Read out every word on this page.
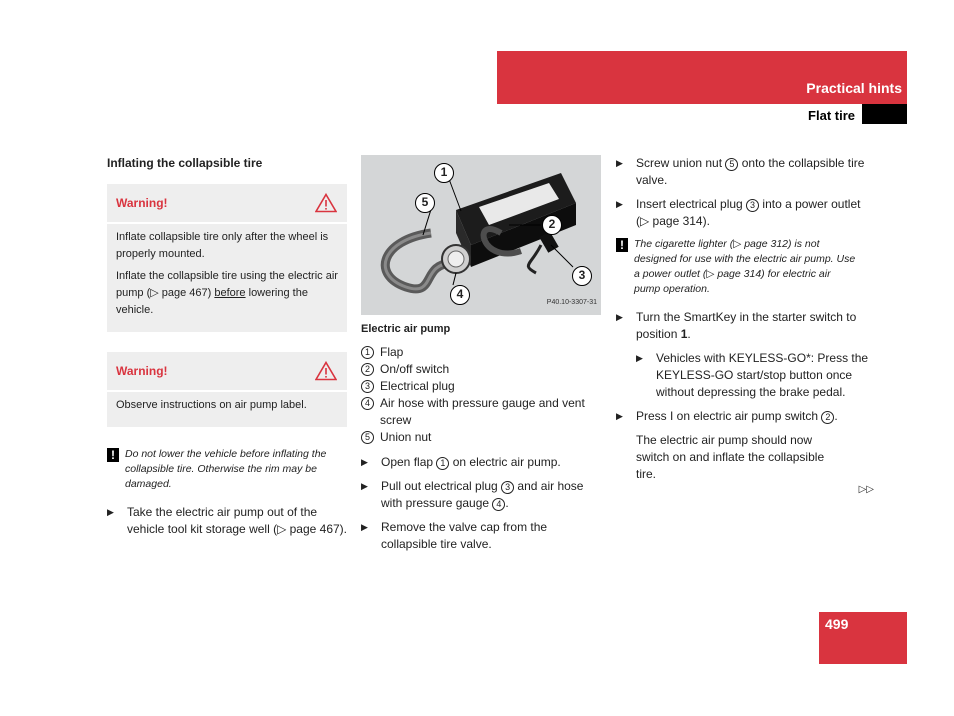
Practical hints
Flat tire
499
Inflating the collapsible tire
Warning!

Inflate collapsible tire only after the wheel is properly mounted.

Inflate the collapsible tire using the electric air pump (▷ page 467) before lowering the vehicle.

Warning!

Observe instructions on air pump label.

! Do not lower the vehicle before inflating the collapsible tire. Otherwise the rim may be damaged.
▶	Take the electric air pump out of the vehicle tool kit storage well (▷ page 467).
1
5
2
3
4
P40.10-3307-31
Electric air pump
1 Flap
2 On/off switch
3 Electrical plug
4 Air hose with pressure gauge and vent screw
5 Union nut
▶	Open flap 1 on electric air pump.
▶	Pull out electrical plug 3 and air hose with pressure gauge 4 .
▶	Remove the valve cap from the collapsible tire valve.
▶	Screw union nut 5 onto the collapsible tire valve.
▶	Insert electrical plug 3 into a power outlet (▷ page 314).
! The cigarette lighter (▷ page 312) is not designed for use with the electric air pump. Use a power outlet (▷ page 314) for electric air pump operation.
▶	Turn the SmartKey in the starter switch to position 1.
▶	Vehicles with KEYLESS-GO*: Press the KEYLESS-GO start/stop button once without depressing the brake pedal.
▶	Press I on electric air pump switch 2 .
The electric air pump should now switch on and inflate the collapsible tire.
▷▷
